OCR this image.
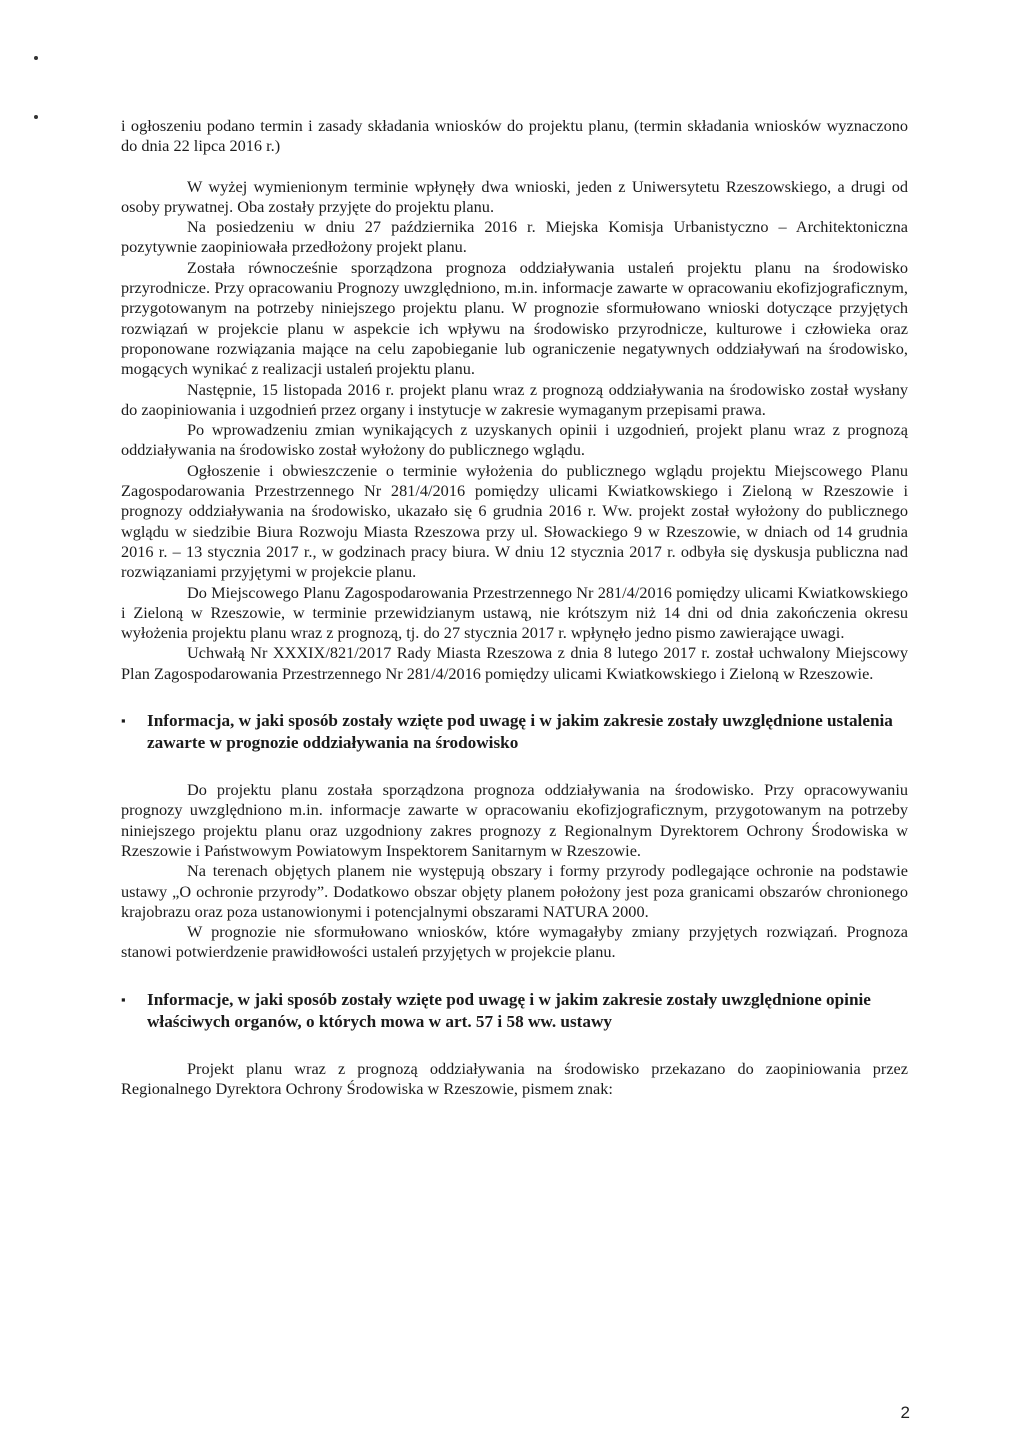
i ogłoszeniu podano termin i zasady składania wniosków do projektu planu, (termin składania wniosków wyznaczono do dnia 22 lipca 2016 r.)

W wyżej wymienionym terminie wpłynęły dwa wnioski, jeden z Uniwersytetu Rzeszowskiego, a drugi od osoby prywatnej. Oba zostały przyjęte do projektu planu.

Na posiedzeniu w dniu 27 października 2016 r. Miejska Komisja Urbanistyczno – Architektoniczna pozytywnie zaopiniowała przedłożony projekt planu.

Została równocześnie sporządzona prognoza oddziaływania ustaleń projektu planu na środowisko przyrodnicze. Przy opracowaniu Prognozy uwzględniono, m.in. informacje zawarte w opracowaniu ekofizjograficznym, przygotowanym na potrzeby niniejszego projektu planu. W prognozie sformułowano wnioski dotyczące przyjętych rozwiązań w projekcie planu w aspekcie ich wpływu na środowisko przyrodnicze, kulturowe i człowieka oraz proponowane rozwiązania mające na celu zapobieganie lub ograniczenie negatywnych oddziaływań na środowisko, mogących wynikać z realizacji ustaleń projektu planu.

Następnie, 15 listopada 2016 r. projekt planu wraz z prognozą oddziaływania na środowisko został wysłany do zaopiniowania i uzgodnień przez organy i instytucje w zakresie wymaganym przepisami prawa.

Po wprowadzeniu zmian wynikających z uzyskanych opinii i uzgodnień, projekt planu wraz z prognozą oddziaływania na środowisko został wyłożony do publicznego wglądu.

Ogłoszenie i obwieszczenie o terminie wyłożenia do publicznego wglądu projektu Miejscowego Planu Zagospodarowania Przestrzennego Nr 281/4/2016 pomiędzy ulicami Kwiatkowskiego i Zieloną w Rzeszowie i prognozy oddziaływania na środowisko, ukazało się 6 grudnia 2016 r. Ww. projekt został wyłożony do publicznego wglądu w siedzibie Biura Rozwoju Miasta Rzeszowa przy ul. Słowackiego 9 w Rzeszowie, w dniach od 14 grudnia 2016 r. – 13 stycznia 2017 r., w godzinach pracy biura. W dniu 12 stycznia 2017 r. odbyła się dyskusja publiczna nad rozwiązaniami przyjętymi w projekcie planu.

Do Miejscowego Planu Zagospodarowania Przestrzennego Nr 281/4/2016 pomiędzy ulicami Kwiatkowskiego i Zieloną w Rzeszowie, w terminie przewidzianym ustawą, nie krótszym niż 14 dni od dnia zakończenia okresu wyłożenia projektu planu wraz z prognozą, tj. do 27 stycznia 2017 r. wpłynęło jedno pismo zawierające uwagi.

Uchwałą Nr XXXIX/821/2017 Rady Miasta Rzeszowa z dnia 8 lutego 2017 r. został uchwalony Miejscowy Plan Zagospodarowania Przestrzennego Nr 281/4/2016 pomiędzy ulicami Kwiatkowskiego i Zieloną w Rzeszowie.

▪ Informacja, w jaki sposób zostały wzięte pod uwagę i w jakim zakresie zostały uwzględnione ustalenia zawarte w prognozie oddziaływania na środowisko

Do projektu planu została sporządzona prognoza oddziaływania na środowisko. Przy opracowywaniu prognozy uwzględniono m.in. informacje zawarte w opracowaniu ekofizjograficznym, przygotowanym na potrzeby niniejszego projektu planu oraz uzgodniony zakres prognozy z Regionalnym Dyrektorem Ochrony Środowiska w Rzeszowie i Państwowym Powiatowym Inspektorem Sanitarnym w Rzeszowie.

Na terenach objętych planem nie występują obszary i formy przyrody podlegające ochronie na podstawie ustawy „O ochronie przyrody”. Dodatkowo obszar objęty planem położony jest poza granicami obszarów chronionego krajobrazu oraz poza ustanowionymi i potencjalnymi obszarami NATURA 2000.

W prognozie nie sformułowano wniosków, które wymagałyby zmiany przyjętych rozwiązań. Prognoza stanowi potwierdzenie prawidłowości ustaleń przyjętych w projekcie planu.

▪ Informacje, w jaki sposób zostały wzięte pod uwagę i w jakim zakresie zostały uwzględnione opinie właściwych organów, o których mowa w art. 57 i 58 ww. ustawy

Projekt planu wraz z prognozą oddziaływania na środowisko przekazano do zaopiniowania przez Regionalnego Dyrektora Ochrony Środowiska w Rzeszowie, pismem znak:

2
